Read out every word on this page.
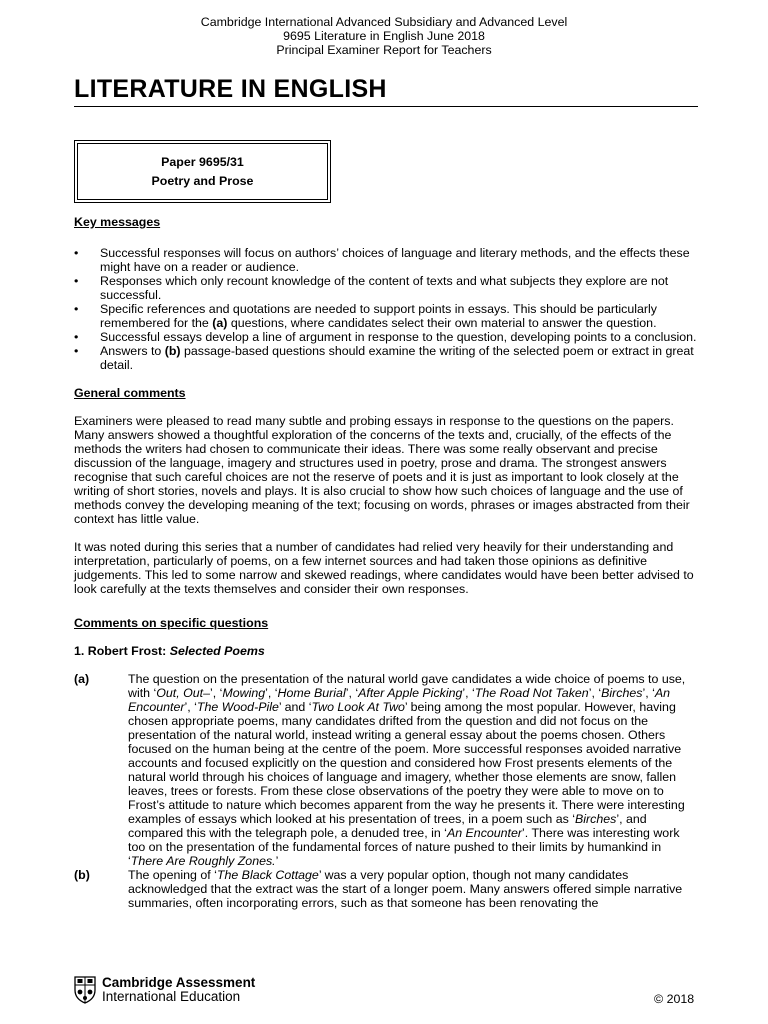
Cambridge International Advanced Subsidiary and Advanced Level
9695 Literature in English June 2018
Principal Examiner Report for Teachers
LITERATURE IN ENGLISH
Paper 9695/31
Poetry and Prose

Key messages

• Successful responses will focus on authors’ choices of language and literary methods, and the effects these might have on a reader or audience.
• Responses which only recount knowledge of the content of texts and what subjects they explore are not successful.
• Specific references and quotations are needed to support points in essays. This should be particularly remembered for the (a) questions, where candidates select their own material to answer the question.
• Successful essays develop a line of argument in response to the question, developing points to a conclusion.
• Answers to (b) passage-based questions should examine the writing of the selected poem or extract in great detail.

General comments

Examiners were pleased to read many subtle and probing essays in response to the questions on the papers. Many answers showed a thoughtful exploration of the concerns of the texts and, crucially, of the effects of the methods the writers had chosen to communicate their ideas. There was some really observant and precise discussion of the language, imagery and structures used in poetry, prose and drama. The strongest answers recognise that such careful choices are not the reserve of poets and it is just as important to look closely at the writing of short stories, novels and plays. It is also crucial to show how such choices of language and the use of methods convey the developing meaning of the text; focusing on words, phrases or images abstracted from their context has little value.

It was noted during this series that a number of candidates had relied very heavily for their understanding and interpretation, particularly of poems, on a few internet sources and had taken those opinions as definitive judgements. This led to some narrow and skewed readings, where candidates would have been better advised to look carefully at the texts themselves and consider their own responses.

Comments on specific questions

1. Robert Frost: Selected Poems

(a)	The question on the presentation of the natural world gave candidates a wide choice of poems to use, with ‘Out, Out–’, ‘Mowing’, ‘Home Burial’, ‘After Apple Picking’, ‘The Road Not Taken’, ‘Birches’, ‘An Encounter’, ‘The Wood-Pile’ and ‘Two Look At Two’ being among the most popular. However, having chosen appropriate poems, many candidates drifted from the question and did not focus on the presentation of the natural world, instead writing a general essay about the poems chosen. Others focused on the human being at the centre of the poem. More successful responses avoided narrative accounts and focused explicitly on the question and considered how Frost presents elements of the natural world through his choices of language and imagery, whether those elements are snow, fallen leaves, trees or forests. From these close observations of the poetry they were able to move on to Frost’s attitude to nature which becomes apparent from the way he presents it. There were interesting examples of essays which looked at his presentation of trees, in a poem such as ‘Birches’, and compared this with the telegraph pole, a denuded tree, in ‘An Encounter’. There was interesting work too on the presentation of the fundamental forces of nature pushed to their limits by humankind in ‘There Are Roughly Zones.’

(b)	The opening of ‘The Black Cottage’ was a very popular option, though not many candidates acknowledged that the extract was the start of a longer poem. Many answers offered simple narrative summaries, often incorporating errors, such as that someone has been renovating the

Cambridge Assessment
International Education	© 2018
